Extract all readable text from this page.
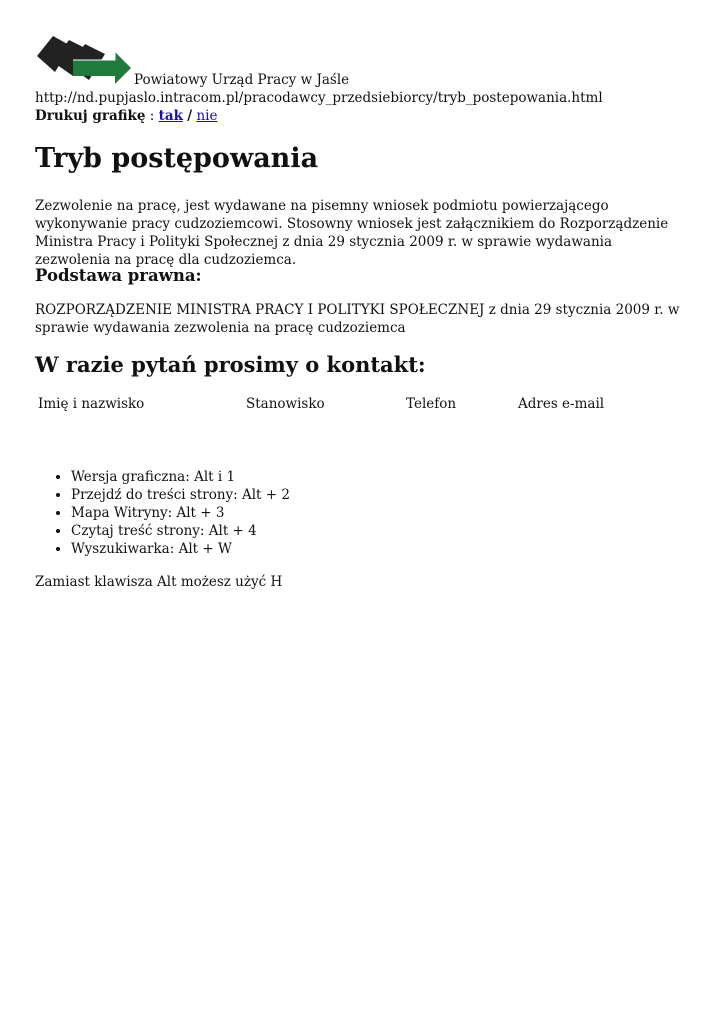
Powiatowy Urząd Pracy w Jaśle
http://nd.pupjaslo.intracom.pl/pracodawcy_przedsiebiorcy/tryb_postepowania.html
Drukuj grafikę : tak / nie
Tryb postępowania

Zezwolenie na pracę, jest wydawane na pisemny wniosek podmiotu powierzającego wykonywanie pracy cudzoziemcowi. Stosowny wniosek jest załącznikiem do Rozporządzenie Ministra Pracy i Polityki Społecznej z dnia 29 stycznia 2009 r. w sprawie wydawania zezwolenia na pracę dla cudzoziemca.

Podstawa prawna:

ROZPORZĄDZENIE MINISTRA PRACY I POLITYKI SPOŁECZNEJ z dnia 29 stycznia 2009 r. w sprawie wydawania zezwolenia na pracę cudzoziemca

W razie pytań prosimy o kontakt:
Imię i nazwisko	Stanowisko	Telefon	Adres e-mail
• Wersja graficzna: Alt i 1
• Przejdź do treści strony: Alt + 2
• Mapa Witryny: Alt + 3
• Czytaj treść strony: Alt + 4
• Wyszukiwarka: Alt + W

Zamiast klawisza Alt możesz użyć H
